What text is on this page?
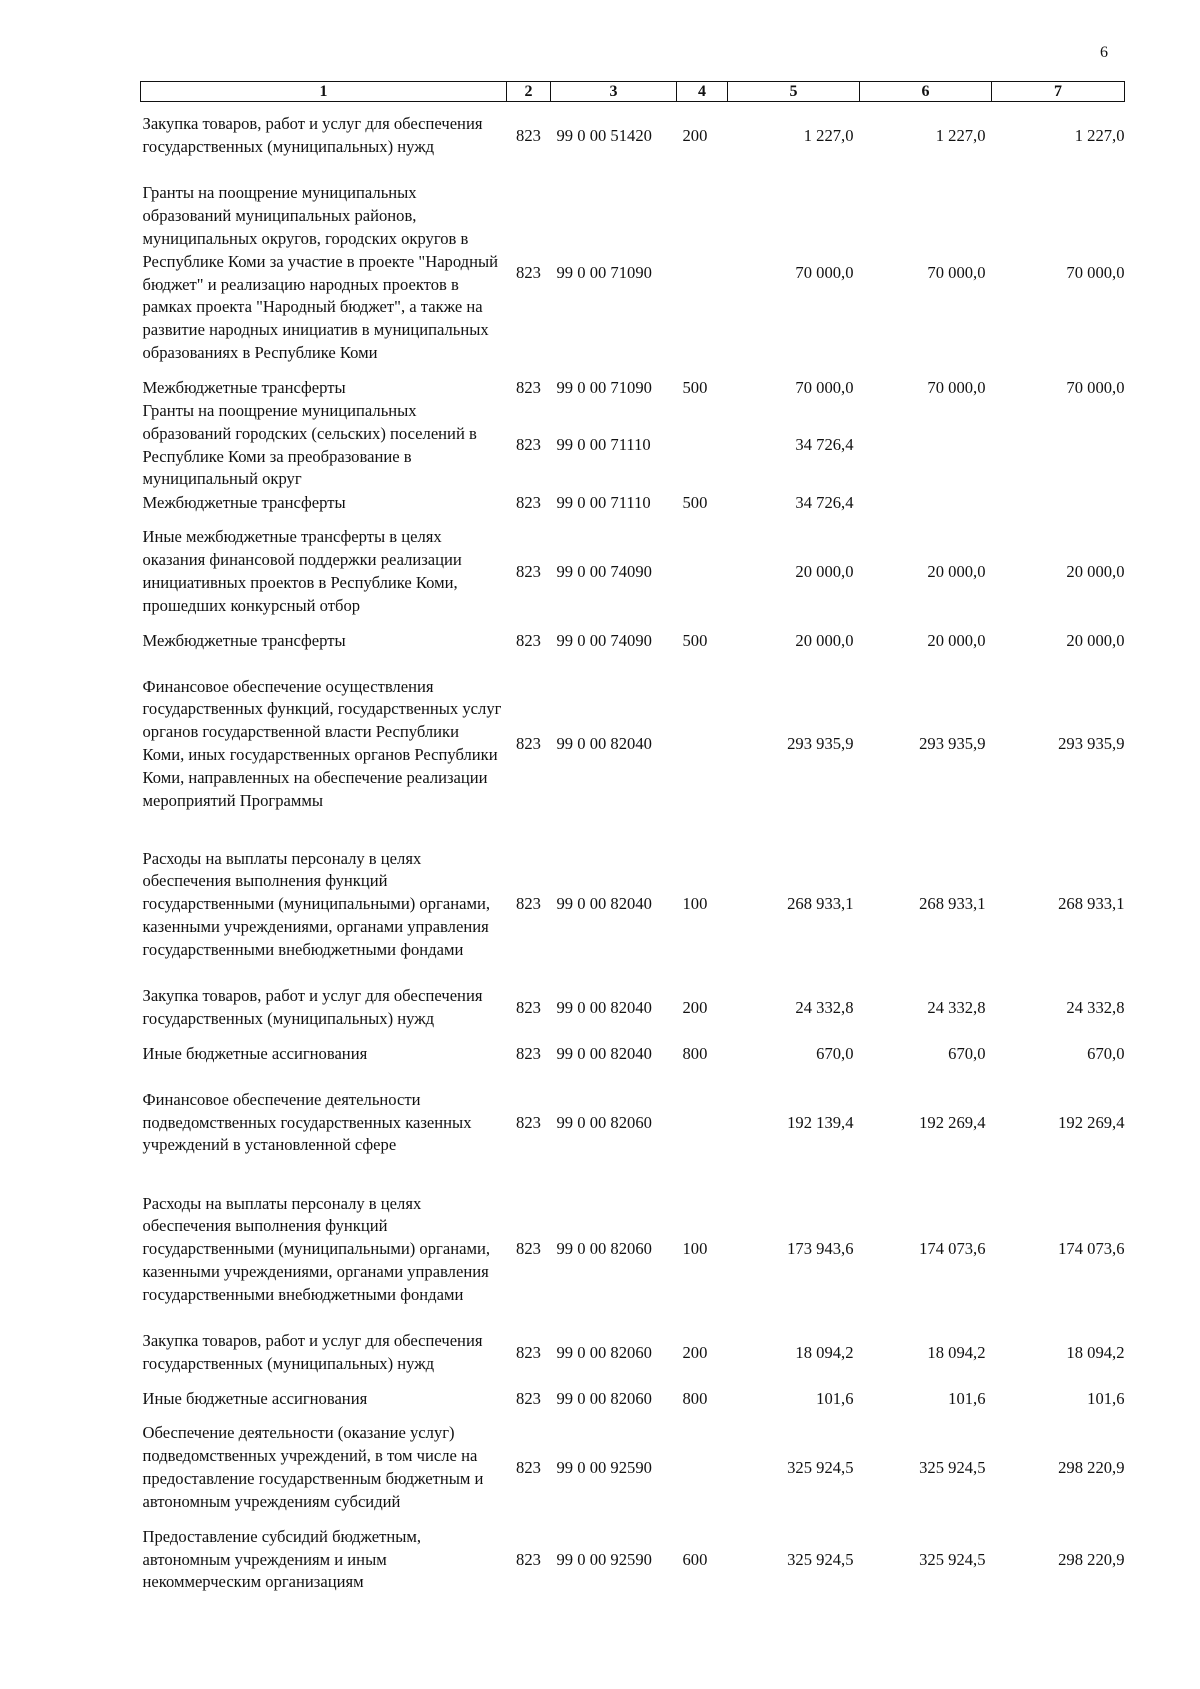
6
1	2	3	4	5	6	7
Закупка товаров, работ и услуг для обеспечения государственных (муниципальных) нужд	823	99 0 00 51420	200	1 227,0	1 227,0	1 227,0
Гранты на поощрение муниципальных образований муниципальных районов, муниципальных округов, городских округов в Республике Коми за участие в проекте "Народный бюджет" и реализацию народных проектов в рамках проекта "Народный бюджет", а также на развитие народных инициатив в муниципальных образованиях в Республике Коми	823	99 0 00 71090		70 000,0	70 000,0	70 000,0
Межбюджетные трансферты	823	99 0 00 71090	500	70 000,0	70 000,0	70 000,0
Гранты на поощрение муниципальных образований городских (сельских) поселений в Республике Коми за преобразование в муниципальный округ	823	99 0 00 71110		34 726,4		
Межбюджетные трансферты	823	99 0 00 71110	500	34 726,4		
Иные межбюджетные трансферты в целях оказания финансовой поддержки реализации инициативных проектов в Республике Коми, прошедших конкурсный отбор	823	99 0 00 74090		20 000,0	20 000,0	20 000,0
Межбюджетные трансферты	823	99 0 00 74090	500	20 000,0	20 000,0	20 000,0
Финансовое обеспечение осуществления государственных функций, государственных услуг органов государственной власти Республики Коми, иных государственных органов Республики Коми, направленных на обеспечение реализации мероприятий Программы	823	99 0 00 82040		293 935,9	293 935,9	293 935,9
Расходы на выплаты персоналу в целях обеспечения выполнения функций государственными (муниципальными) органами, казенными учреждениями, органами управления государственными внебюджетными фондами	823	99 0 00 82040	100	268 933,1	268 933,1	268 933,1
Закупка товаров, работ и услуг для обеспечения государственных (муниципальных) нужд	823	99 0 00 82040	200	24 332,8	24 332,8	24 332,8
Иные бюджетные ассигнования	823	99 0 00 82040	800	670,0	670,0	670,0
Финансовое обеспечение деятельности подведомственных государственных казенных учреждений в установленной сфере	823	99 0 00 82060		192 139,4	192 269,4	192 269,4
Расходы на выплаты персоналу в целях обеспечения выполнения функций государственными (муниципальными) органами, казенными учреждениями, органами управления государственными внебюджетными фондами	823	99 0 00 82060	100	173 943,6	174 073,6	174 073,6
Закупка товаров, работ и услуг для обеспечения государственных (муниципальных) нужд	823	99 0 00 82060	200	18 094,2	18 094,2	18 094,2
Иные бюджетные ассигнования	823	99 0 00 82060	800	101,6	101,6	101,6
Обеспечение деятельности (оказание услуг) подведомственных учреждений, в том числе на предоставление государственным бюджетным и автономным учреждениям субсидий	823	99 0 00 92590		325 924,5	325 924,5	298 220,9
Предоставление субсидий бюджетным, автономным учреждениям и иным некоммерческим организациям	823	99 0 00 92590	600	325 924,5	325 924,5	298 220,9
